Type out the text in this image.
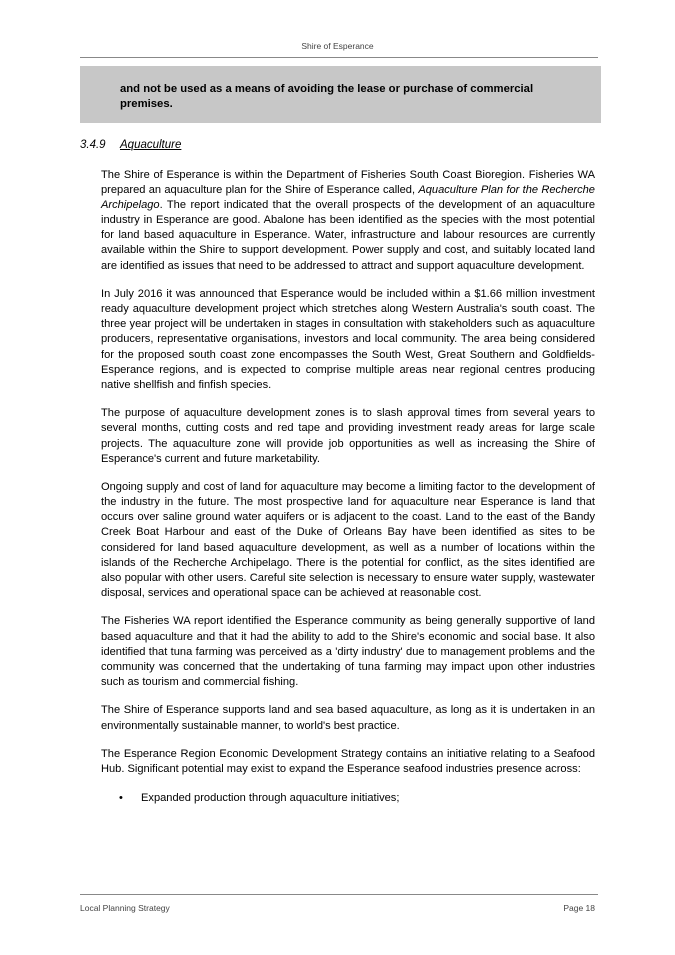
Shire of Esperance
and not be used as a means of avoiding the lease or purchase of commercial premises.
3.4.9 Aquaculture

The Shire of Esperance is within the Department of Fisheries South Coast Bioregion. Fisheries WA prepared an aquaculture plan for the Shire of Esperance called, Aquaculture Plan for the Recherche Archipelago. The report indicated that the overall prospects of the development of an aquaculture industry in Esperance are good. Abalone has been identified as the species with the most potential for land based aquaculture in Esperance. Water, infrastructure and labour resources are currently available within the Shire to support development. Power supply and cost, and suitably located land are identified as issues that need to be addressed to attract and support aquaculture development.

In July 2016 it was announced that Esperance would be included within a $1.66 million investment ready aquaculture development project which stretches along Western Australia's south coast. The three year project will be undertaken in stages in consultation with stakeholders such as aquaculture producers, representative organisations, investors and local community. The area being considered for the proposed south coast zone encompasses the South West, Great Southern and Goldfields-Esperance regions, and is expected to comprise multiple areas near regional centres producing native shellfish and finfish species.

The purpose of aquaculture development zones is to slash approval times from several years to several months, cutting costs and red tape and providing investment ready areas for large scale projects. The aquaculture zone will provide job opportunities as well as increasing the Shire of Esperance's current and future marketability.

Ongoing supply and cost of land for aquaculture may become a limiting factor to the development of the industry in the future. The most prospective land for aquaculture near Esperance is land that occurs over saline ground water aquifers or is adjacent to the coast. Land to the east of the Bandy Creek Boat Harbour and east of the Duke of Orleans Bay have been identified as sites to be considered for land based aquaculture development, as well as a number of locations within the islands of the Recherche Archipelago. There is the potential for conflict, as the sites identified are also popular with other users. Careful site selection is necessary to ensure water supply, wastewater disposal, services and operational space can be achieved at reasonable cost.

The Fisheries WA report identified the Esperance community as being generally supportive of land based aquaculture and that it had the ability to add to the Shire's economic and social base. It also identified that tuna farming was perceived as a 'dirty industry' due to management problems and the community was concerned that the undertaking of tuna farming may impact upon other industries such as tourism and commercial fishing.

The Shire of Esperance supports land and sea based aquaculture, as long as it is undertaken in an environmentally sustainable manner, to world's best practice.

The Esperance Region Economic Development Strategy contains an initiative relating to a Seafood Hub. Significant potential may exist to expand the Esperance seafood industries presence across:

• Expanded production through aquaculture initiatives;
Local Planning Strategy	Page 18
